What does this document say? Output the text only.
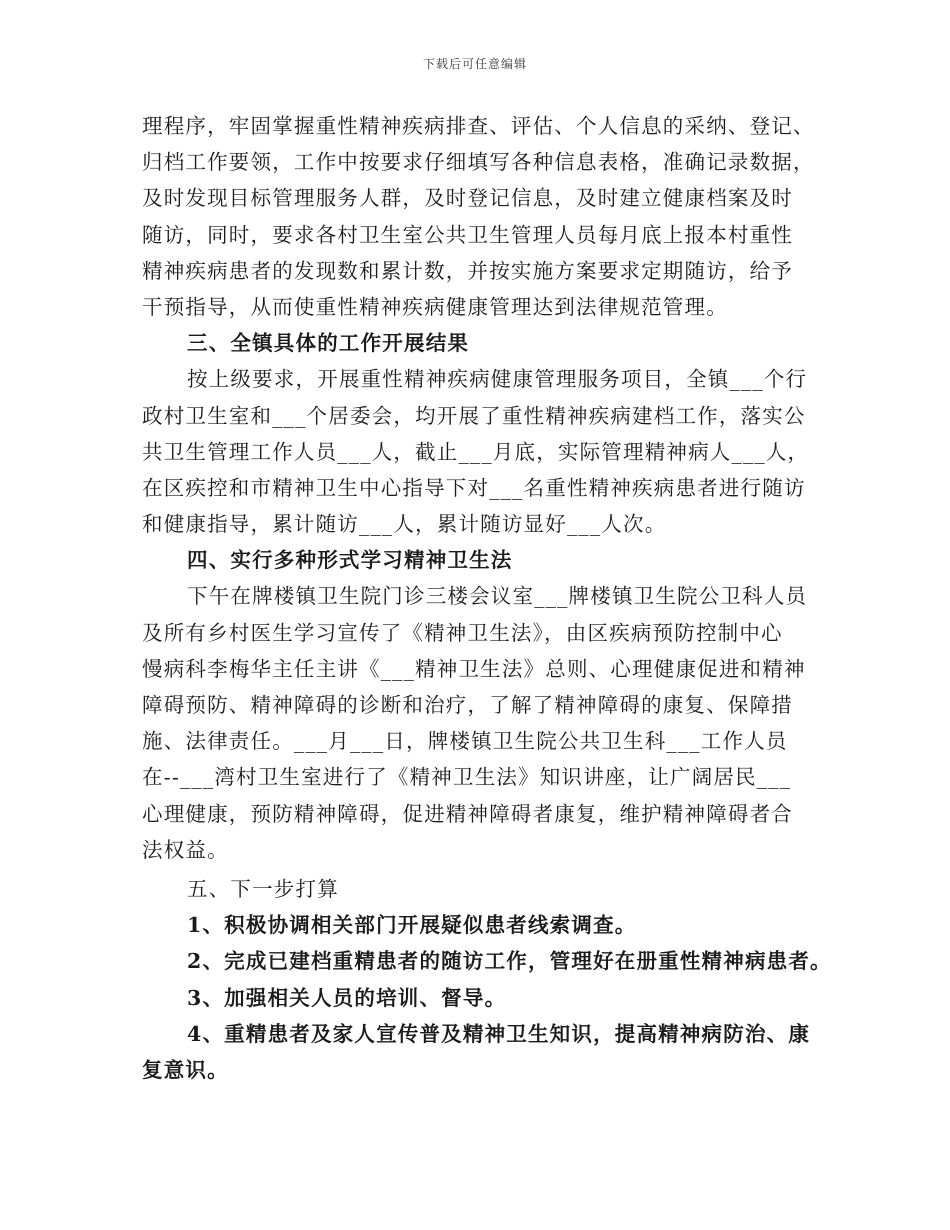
下载后可任意编辑
理程序，牢固掌握重性精神疾病排查、评估、个人信息的采纳、登记、
归档工作要领，工作中按要求仔细填写各种信息表格，准确记录数据，
及时发现目标管理服务人群，及时登记信息，及时建立健康档案及时
随访，同时，要求各村卫生室公共卫生管理人员每月底上报本村重性
精神疾病患者的发现数和累计数，并按实施方案要求定期随访，给予
干预指导，从而使重性精神疾病健康管理达到法律规范管理。
三、全镇具体的工作开展结果
按上级要求，开展重性精神疾病健康管理服务项目，全镇___个行
政村卫生室和___个居委会，均开展了重性精神疾病建档工作，落实公
共卫生管理工作人员___人，截止___月底，实际管理精神病人___人，
在区疾控和市精神卫生中心指导下对___名重性精神疾病患者进行随访
和健康指导，累计随访___人，累计随访显好___人次。
四、实行多种形式学习精神卫生法
下午在牌楼镇卫生院门诊三楼会议室___牌楼镇卫生院公卫科人员
及所有乡村医生学习宣传了《精神卫生法》，由区疾病预防控制中心
慢病科李梅华主任主讲《___精神卫生法》总则、心理健康促进和精神
障碍预防、精神障碍的诊断和治疗，了解了精神障碍的康复、保障措
施、法律责任。___月___日，牌楼镇卫生院公共卫生科___工作人员
在--___湾村卫生室进行了《精神卫生法》知识讲座，让广阔居民___
心理健康，预防精神障碍，促进精神障碍者康复，维护精神障碍者合
法权益。
五、下一步打算
1、积极协调相关部门开展疑似患者线索调查。
2、完成已建档重精患者的随访工作，管理好在册重性精神病患者。
3、加强相关人员的培训、督导。
4、重精患者及家人宣传普及精神卫生知识，提高精神病防治、康
复意识。
